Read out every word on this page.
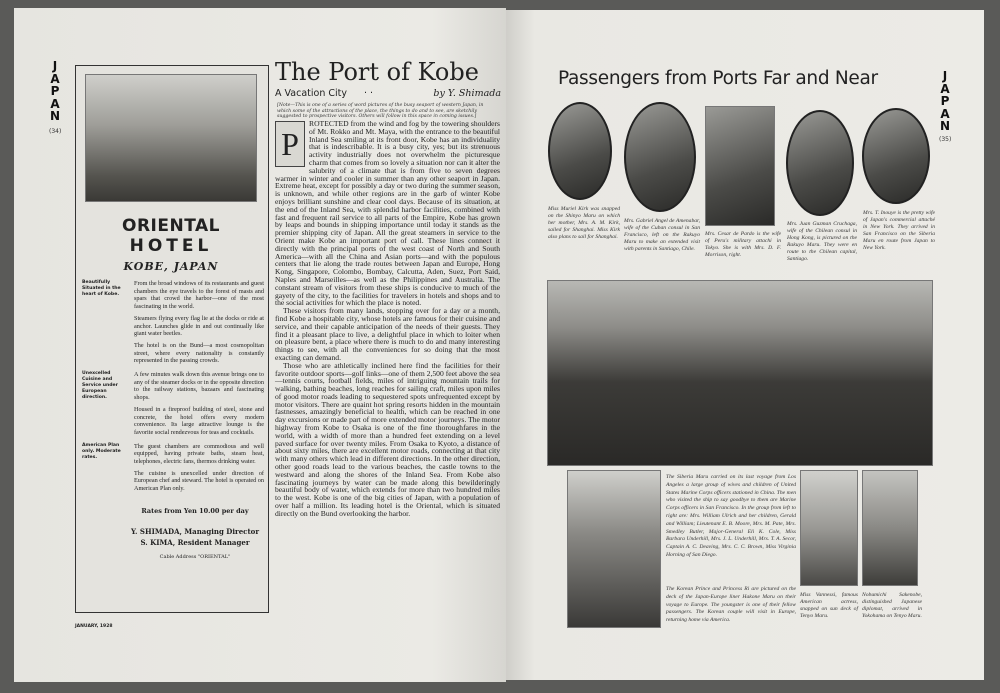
J
A
P
A
N
(34)
ORIENTAL
HOTEL
KOBE, JAPAN
Beautifully Situated in the heart of Kobe.

From the broad windows of its restaurants and guest chambers the eye travels to the forest of masts and spars that crowd the harbor—one of the most fascinating in the world.

Steamers flying every flag lie at the docks or ride at anchor. Launches glide in and out continually like giant water beetles.

The hotel is on the Bund—a most cosmopolitan street, where every nationality is constantly represented in the passing crowds.

Unexcelled Cuisine and Service under European direction.

A few minutes walk down this avenue brings one to any of the steamer docks or in the opposite direction to the railway stations, bazaars and fascinating shops.

Housed in a fireproof building of steel, stone and concrete, the hotel offers every modern convenience. Its large attractive lounge is the favorite social rendezvous for teas and cocktails.

American Plan only. Moderate rates.

The guest chambers are commodious and well equipped, having private baths, steam heat, telephones, electric fans, thermos drinking water.

The cuisine is unexcelled under direction of European chef and steward. The hotel is operated on American Plan only.

Rates from Yen 10.00 per day
Y. SHIMADA, Managing Director
S. KIMA, Resident Manager
Cable Address "ORIENTAL"
JANUARY, 1928
The Port of Kobe
A Vacation City · ·	by Y. Shimada
[Note—This is one of a series of word pictures of the busy seaport of western Japan, in which some of the attractions of the place, the things to do and to see, are sketchily suggested to prospective visitors. Others will follow in this space in coming issues.]

P
ROTECTED from the wind and fog by the towering shoulders of Mt. Rokko and Mt. Maya, with the entrance to the beautiful Inland Sea smiling at its front door, Kobe has an individuality that is indescribable. It is a busy city, yes; but its strenuous activity industrially does not overwhelm the picturesque charm that comes from so lovely a situation nor can it alter the salubrity of a climate that is from five to seven degrees warmer in winter and cooler in summer than any other seaport in Japan. Extreme heat, except for possibly a day or two during the summer season, is unknown, and while other regions are in the garb of winter Kobe enjoys brilliant sunshine and clear cool days. Because of its situation, at the end of the Inland Sea, with splendid harbor facilities, combined with fast and frequent rail service to all parts of the Empire, Kobe has grown by leaps and bounds in shipping importance until today it stands as the premier shipping city of Japan. All the great steamers in service to the Orient make Kobe an important port of call. These lines connect it directly with the principal ports of the west coast of North and South America—with all the China and Asian ports—and with the populous centers that lie along the trade routes between Japan and Europe, Hong Kong, Singapore, Colombo, Bombay, Calcutta, Aden, Suez, Port Said, Naples and Marseilles—as well as the Philippines and Australia. The constant stream of visitors from these ships is conducive to much of the gayety of the city, to the facilities for travelers in hotels and shops and to the social activities for which the place is noted.

These visitors from many lands, stopping over for a day or a month, find Kobe a hospitable city, whose hotels are famous for their cuisine and service, and their capable anticipation of the needs of their guests. They find it a pleasant place to live, a delightful place in which to loiter when on pleasure bent, a place where there is much to do and many interesting things to see, with all the conveniences for so doing that the most exacting can demand.

Those who are athletically inclined here find the facilities for their favorite outdoor sports—golf links—one of them 2,500 feet above the sea—tennis courts, football fields, miles of intriguing mountain trails for walking, bathing beaches, long reaches for sailing craft, miles upon miles of good motor roads leading to sequestered spots unfrequented except by motor visitors. There are quaint hot spring resorts hidden in the mountain fastnesses, amazingly beneficial to health, which can be reached in one day excursions or made part of more extended motor journeys. The motor highway from Kobe to Osaka is one of the fine thoroughfares in the world, with a width of more than a hundred feet extending on a level paved surface for over twenty miles. From Osaka to Kyoto, a distance of about sixty miles, there are excellent motor roads, connecting at that city with many others which lead in different directions. In the other direction, other good roads lead to the various beaches, the castle towns to the westward and along the shores of the Inland Sea. From Kobe also fascinating journeys by water can be made along this bewilderingly beautiful body of water, which extends for more than two hundred miles to the west. Kobe is one of the big cities of Japan, with a population of over half a million. Its leading hotel is the Oriental, which is situated directly on the Bund overlooking the harbor.

Passengers from Ports Far and Near	J
A
P
A
N
(35)
Miss Muriel Kirk was snapped on the Shinyo Maru on which her mother, Mrs. A. M. Kirk, sailed for Shanghai. Miss Kirk also plans to sail for Shanghai.
Mrs. Gabriel Angel de Amenabar, wife of the Cuban consul in San Francisco, left on the Rakuyo Maru to make an extended visit with parents in Santiago, Chile.
Mrs. Cesar de Pardo is the wife of Peru's military attachi in Tokyo. She is with Mrs. D. F. Morrison, right.
Mrs. Juan Guzman Cruchaga, wife of the Chilean consul in Hong Kong, is pictured on the Rakuyo Maru. They were en route to the Chilean capital, Santiago.
Mrs. T. Inouye is the pretty wife of Japan's commercial attaché in New York. They arrived in San Francisco on the Siberia Maru en route from Japan to New York.
The Siberia Maru carried on its last voyage from Los Angeles a large group of wives and children of United States Marine Corps officers stationed in China. The men who visited the ship to say goodbye to them are Marine Corps officers in San Francisco. In the group from left to right are: Mrs. William Ulrich and her children, Gerald and William; Lieutenant E. B. Moore, Mrs. M. Pate, Mrs. Smedley Butler, Major-General Eli K. Cole, Miss Barbara Underhill, Mrs. J. L. Underhill, Mrs. T. A. Secor, Captain A. C. Deaving, Mrs. C. C. Brown, Miss Virginia Horning of San Diego.
The Korean Prince and Princess Ri are pictured on the deck of the Japan-Europe liner Hakone Maru on their voyage to Europe. The youngster is one of their fellow passengers. The Korean couple will visit in Europe, returning home via America.
Miss Vannessi, famous American actress, snapped on sun deck of Tenyo Maru.
Nobumichi Sakenobe, distinguished Japanese diplomat, arrived in Yokohama on Tenyo Maru.
